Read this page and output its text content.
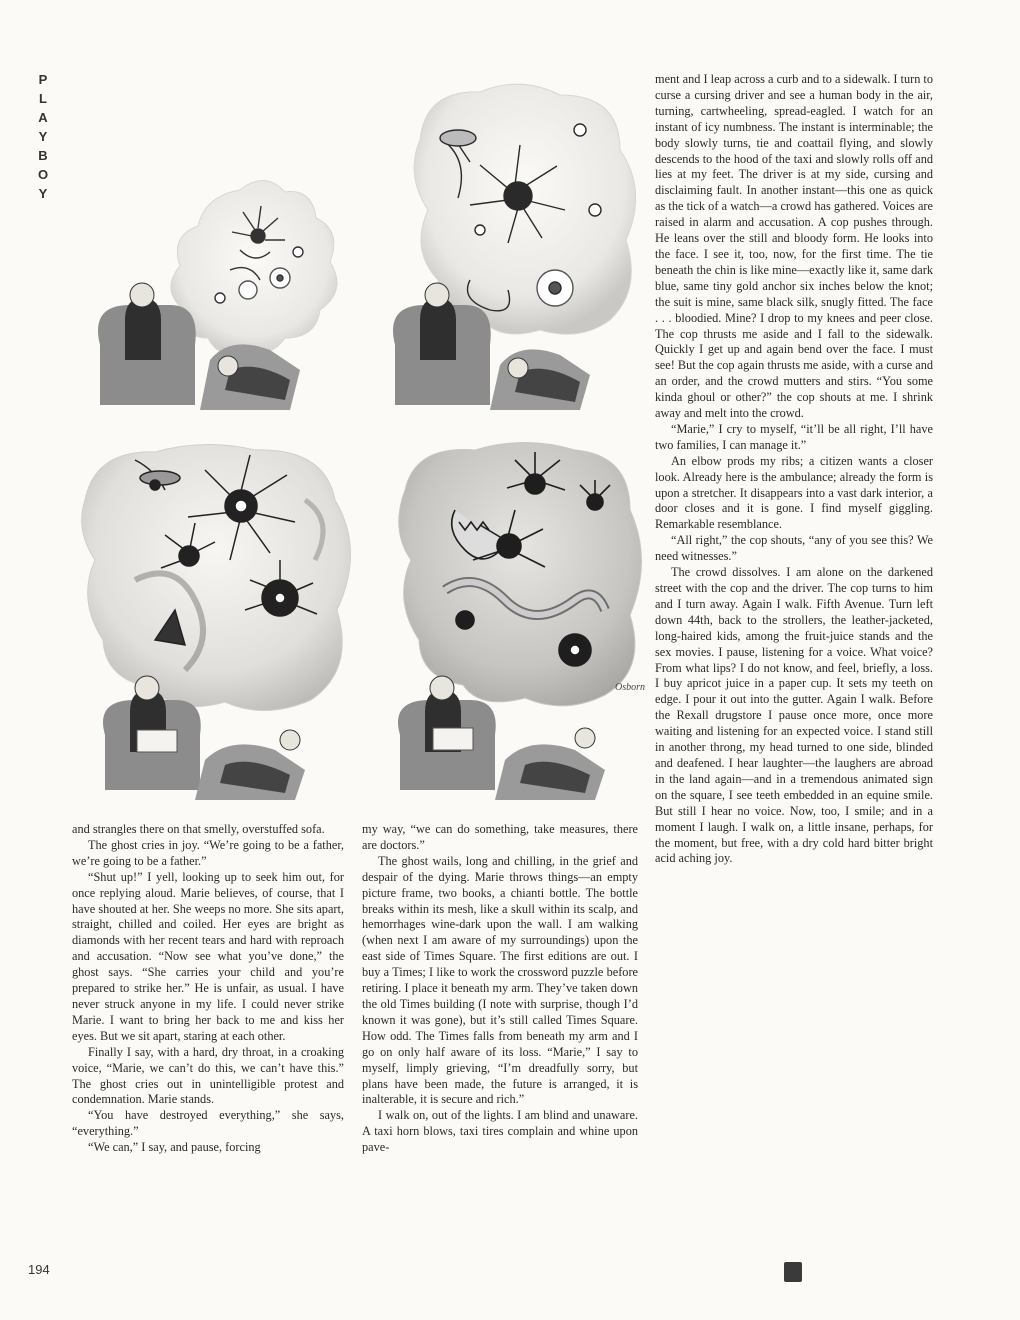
P
L
A
Y
B
O
Y
Osborn

and strangles there on that smelly, overstuffed sofa.

The ghost cries in joy. “We’re going to be a father, we’re going to be a father.”

“Shut up!” I yell, looking up to seek him out, for once replying aloud. Marie believes, of course, that I have shouted at her. She weeps no more. She sits apart, straight, chilled and coiled. Her eyes are bright as diamonds with her recent tears and hard with reproach and accusation. “Now see what you’ve done,” the ghost says. “She carries your child and you’re prepared to strike her.” He is unfair, as usual. I have never struck anyone in my life. I could never strike Marie. I want to bring her back to me and kiss her eyes. But we sit apart, staring at each other.

Finally I say, with a hard, dry throat, in a croaking voice, “Marie, we can’t do this, we can’t have this.” The ghost cries out in unintelligible protest and condemnation. Marie stands.

“You have destroyed everything,” she says, “everything.”

“We can,” I say, and pause, forcing

my way, “we can do something, take measures, there are doctors.”

The ghost wails, long and chilling, in the grief and despair of the dying. Marie throws things—an empty picture frame, two books, a chianti bottle. The bottle breaks within its mesh, like a skull within its scalp, and hemorrhages wine-dark upon the wall. I am walking (when next I am aware of my surroundings) upon the east side of Times Square. The first editions are out. I buy a Times; I like to work the crossword puzzle before retiring. I place it beneath my arm. They’ve taken down the old Times building (I note with surprise, though I’d known it was gone), but it’s still called Times Square. How odd. The Times falls from beneath my arm and I go on only half aware of its loss. “Marie,” I say to myself, limply grieving, “I’m dreadfully sorry, but plans have been made, the future is arranged, it is inalterable, it is secure and rich.”

I walk on, out of the lights. I am blind and unaware. A taxi horn blows, taxi tires complain and whine upon pave-

ment and I leap across a curb and to a sidewalk. I turn to curse a cursing driver and see a human body in the air, turning, cartwheeling, spread-eagled. I watch for an instant of icy numbness. The instant is interminable; the body slowly turns, tie and coattail flying, and slowly descends to the hood of the taxi and slowly rolls off and lies at my feet. The driver is at my side, cursing and disclaiming fault. In another instant—this one as quick as the tick of a watch—a crowd has gathered. Voices are raised in alarm and accusation. A cop pushes through. He leans over the still and bloody form. He looks into the face. I see it, too, now, for the first time. The tie beneath the chin is like mine—exactly like it, same dark blue, same tiny gold anchor six inches below the knot; the suit is mine, same black silk, snugly fitted. The face . . . bloodied. Mine? I drop to my knees and peer close. The cop thrusts me aside and I fall to the sidewalk. Quickly I get up and again bend over the face. I must see! But the cop again thrusts me aside, with a curse and an order, and the crowd mutters and stirs. “You some kinda ghoul or other?” the cop shouts at me. I shrink away and melt into the crowd.

“Marie,” I cry to myself, “it’ll be all right, I’ll have two families, I can manage it.”

An elbow prods my ribs; a citizen wants a closer look. Already here is the ambulance; already the form is upon a stretcher. It disappears into a vast dark interior, a door closes and it is gone. I find myself giggling. Remarkable resemblance.

“All right,” the cop shouts, “any of you see this? We need witnesses.”

The crowd dissolves. I am alone on the darkened street with the cop and the driver. The cop turns to him and I turn away. Again I walk. Fifth Avenue. Turn left down 44th, back to the strollers, the leather-jacketed, long-haired kids, among the fruit-juice stands and the sex movies. I pause, listening for a voice. What voice? From what lips? I do not know, and feel, briefly, a loss. I buy apricot juice in a paper cup. It sets my teeth on edge. I pour it out into the gutter. Again I walk. Before the Rexall drugstore I pause once more, once more waiting and listening for an expected voice. I stand still in another throng, my head turned to one side, blinded and deafened. I hear laughter—the laughers are abroad in the land again—and in a tremendous animated sign on the square, I see teeth embedded in an equine smile. But still I hear no voice. Now, too, I smile; and in a moment I laugh. I walk on, a little insane, perhaps, for the moment, but free, with a dry cold hard bitter bright acid aching joy.

194
